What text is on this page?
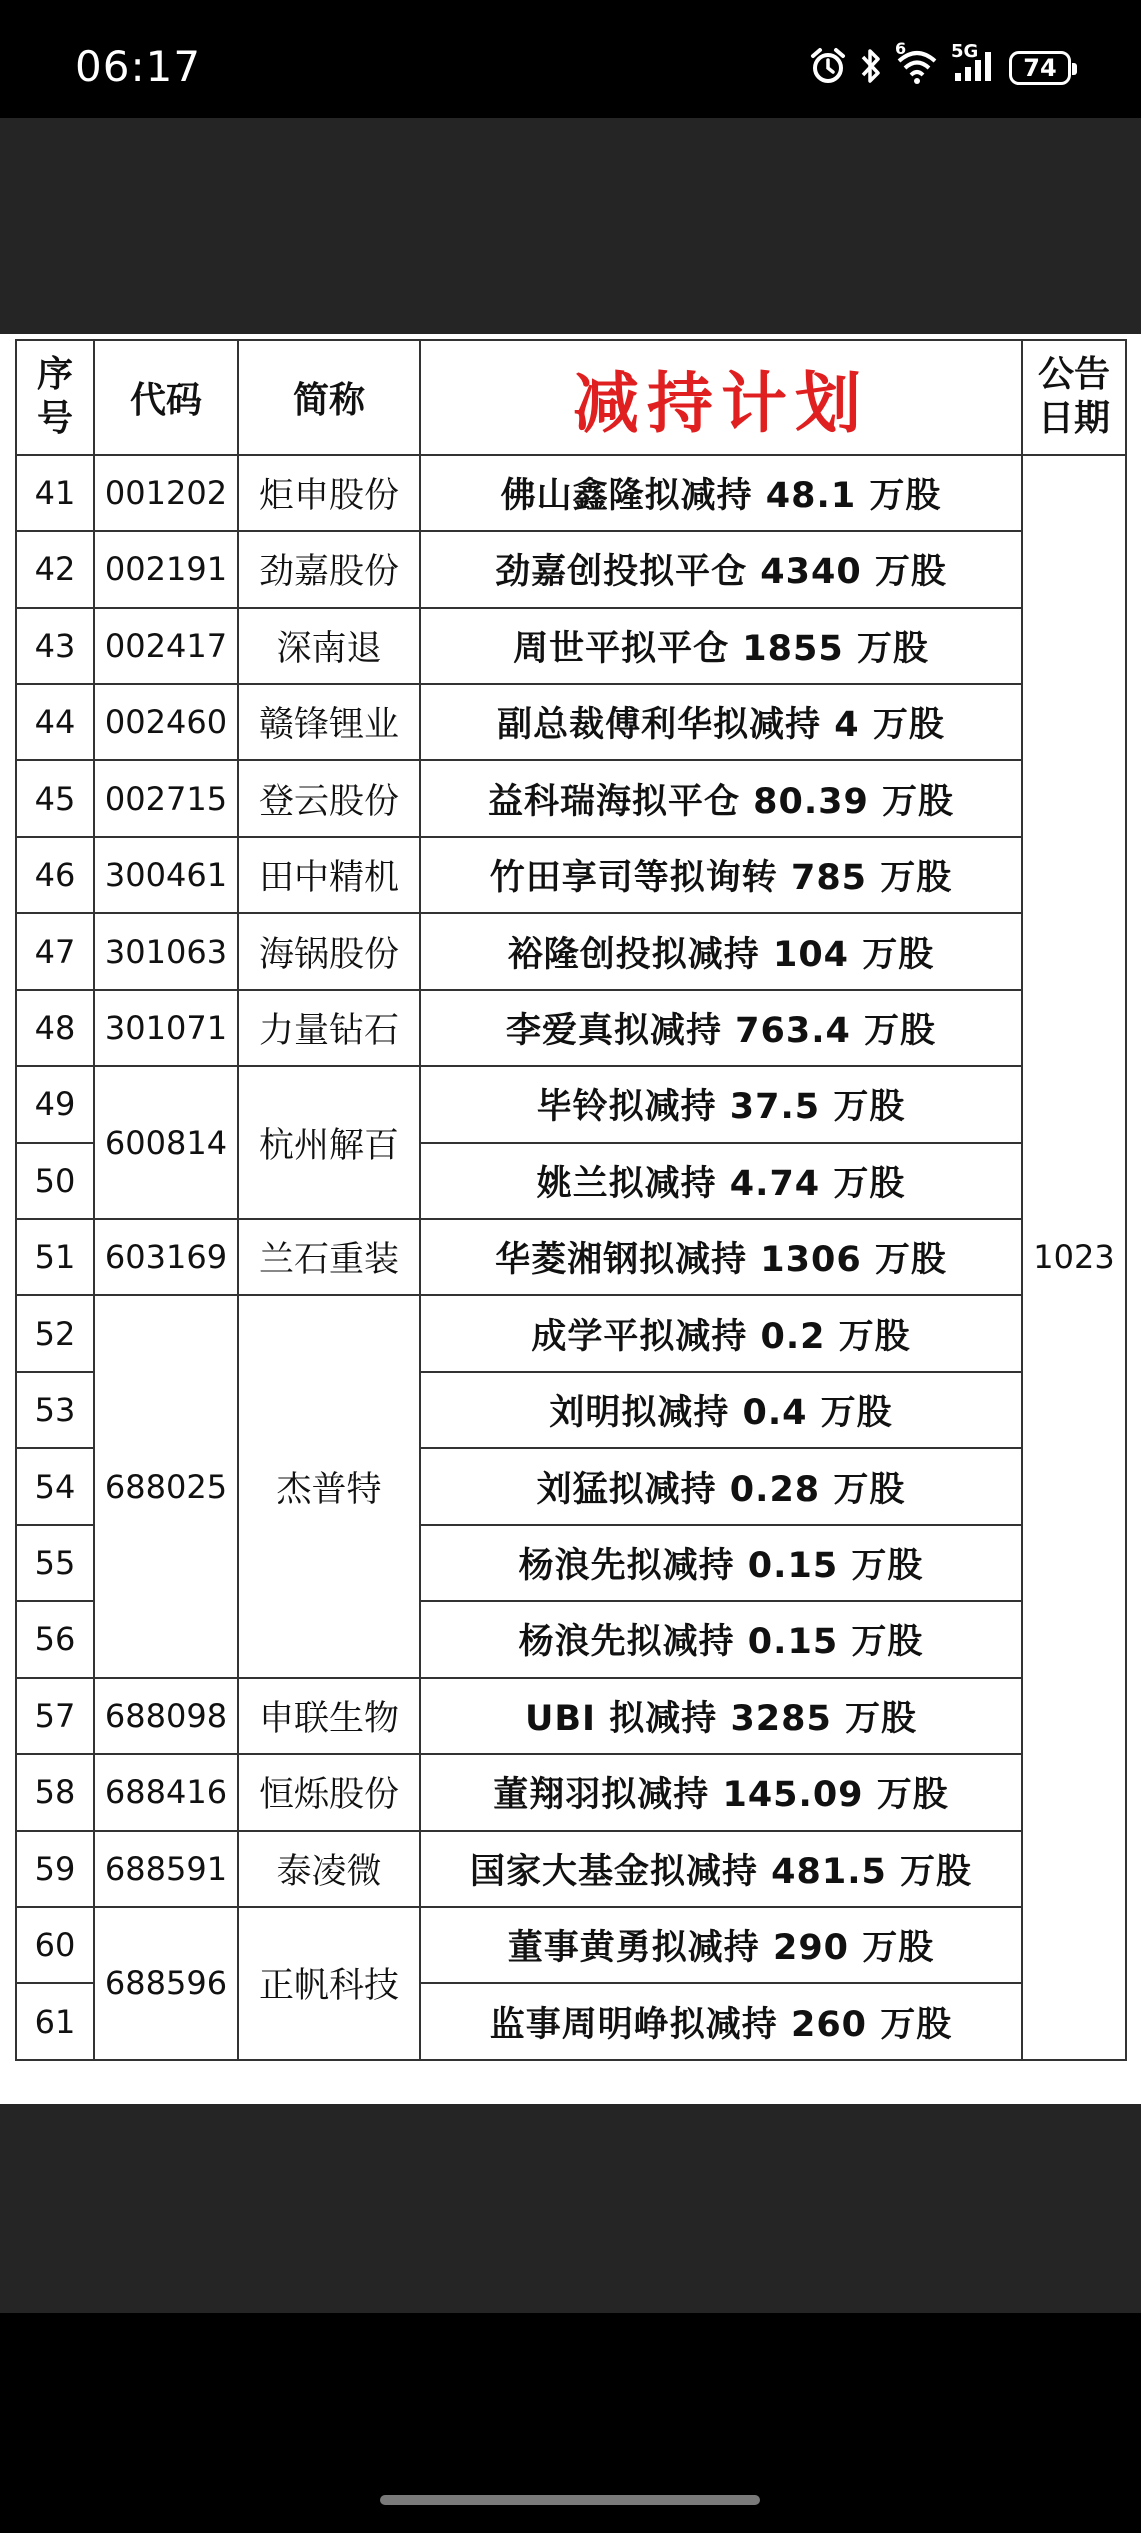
06:17	6 5G
74
序号	代码	简称	减持计划	公告日期
41	001202	炬申股份	佛山鑫隆拟减持 48.1 万股	1023
42	002191	劲嘉股份	劲嘉创投拟平仓 4340 万股	
43	002417	深南退	周世平拟平仓 1855 万股	
44	002460	赣锋锂业	副总裁傅利华拟减持 4 万股	
45	002715	登云股份	益科瑞海拟平仓 80.39 万股	
46	300461	田中精机	竹田享司等拟询转 785 万股	
47	301063	海锅股份	裕隆创投拟减持 104 万股	
48	301071	力量钻石	李爱真拟减持 763.4 万股	
49	600814	杭州解百	毕铃拟减持 37.5 万股	
50			姚兰拟减持 4.74 万股	
51	603169	兰石重装	华菱湘钢拟减持 1306 万股	
52	688025	杰普特	成学平拟减持 0.2 万股	
53			刘明拟减持 0.4 万股	
54			刘猛拟减持 0.28 万股	
55			杨浪先拟减持 0.15 万股	
56			杨浪先拟减持 0.15 万股	
57	688098	申联生物	UBI 拟减持 3285 万股	
58	688416	恒烁股份	董翔羽拟减持 145.09 万股	
59	688591	泰凌微	国家大基金拟减持 481.5 万股	
60	688596	正帆科技	董事黄勇拟减持 290 万股	
61			监事周明峥拟减持 260 万股	
